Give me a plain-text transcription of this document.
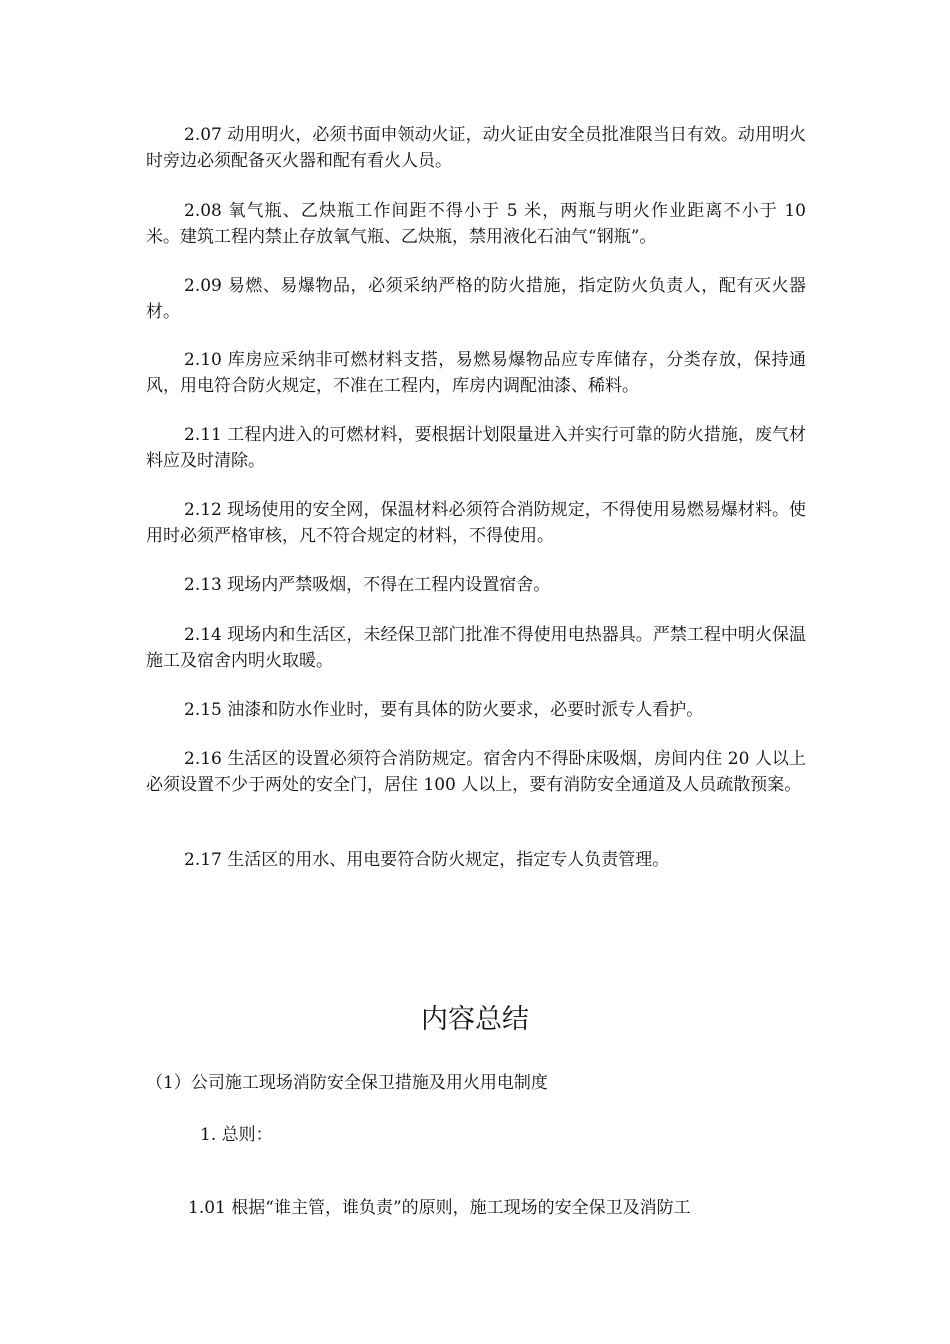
2.07 动用明火，必须书面申领动火证，动火证由安全员批准限当日有效。动用明火时旁边必须配备灭火器和配有看火人员。

2.08 氧气瓶、乙炔瓶工作间距不得小于 5 米，两瓶与明火作业距离不小于 10 米。建筑工程内禁止存放氧气瓶、乙炔瓶，禁用液化石油气“钢瓶”。

2.09 易燃、易爆物品，必须采纳严格的防火措施，指定防火负责人，配有灭火器材。

2.10 库房应采纳非可燃材料支搭，易燃易爆物品应专库储存，分类存放，保持通风，用电符合防火规定，不准在工程内，库房内调配油漆、稀料。

2.11 工程内进入的可燃材料，要根据计划限量进入并实行可靠的防火措施，废气材料应及时清除。

2.12 现场使用的安全网，保温材料必须符合消防规定，不得使用易燃易爆材料。使用时必须严格审核，凡不符合规定的材料，不得使用。

2.13 现场内严禁吸烟，不得在工程内设置宿舍。

2.14 现场内和生活区，未经保卫部门批准不得使用电热器具。严禁工程中明火保温施工及宿舍内明火取暖。

2.15 油漆和防水作业时，要有具体的防火要求，必要时派专人看护。

2.16 生活区的设置必须符合消防规定。宿舍内不得卧床吸烟，房间内住 20 人以上必须设置不少于两处的安全门，居住 100 人以上，要有消防安全通道及人员疏散预案。

2.17 生活区的用水、用电要符合防火规定，指定专人负责管理。

内容总结
（1）公司施工现场消防安全保卫措施及用火用电制度
1. 总则：

1.01 根据“谁主管，谁负责”的原则，施工现场的安全保卫及消防工
